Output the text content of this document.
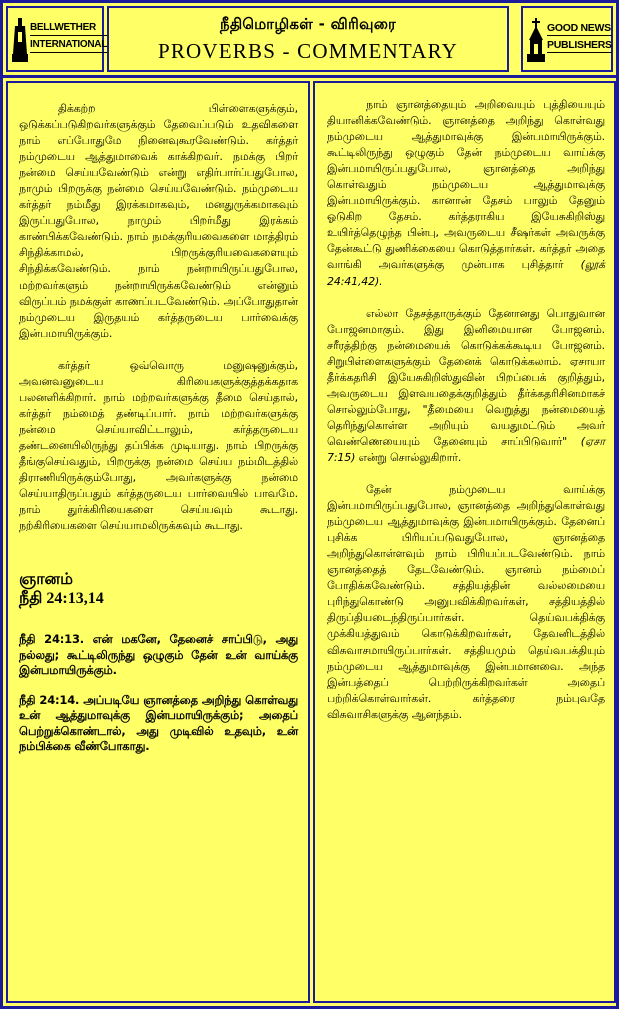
BELLWETHER
INTERNATIONAL
நீதிமொழிகள் - விரிவுரை
PROVERBS - COMMENTARY
GOOD NEWS
PUBLISHERS

திக்கற்ற பிள்ளைகளுக்கும், ஒடுக்கப்படுகிறவர்களுக்கும் தேவைப்படும் உதவிகளை நாம் எப்போதுமே நினைவுகூரவேண்டும். கர்த்தர் நம்முடைய ஆத்துமாவைக் காக்கிறவர். நமக்கு பிறர் நன்மை செய்யவேண்டும் என்று எதிர்பார்ப்பதுபோல, நாமும் பிறருக்கு நன்மை செய்யவேண்டும். நம்முடைய கர்த்தர் நம்மீது இரக்கமாகவும், மனதுருக்கமாகவும் இருப்பதுபோல, நாமும் பிறர்மீது இரக்கம் காண்பிக்கவேண்டும். நாம் நமக்குரியவைகளை மாத்திரம் சிந்திக்காமல், பிறருக்குரியவைகளையும் சிந்திக்கவேண்டும். நாம் நன்றாயிருப்பதுபோல, மற்றவர்களும் நன்றாயிருக்கவேண்டும் என்னும் விருப்பம் நமக்குள் காணப்படவேண்டும். அப்போதுதான் நம்முடைய இருதயம் கர்த்தருடைய பார்வைக்கு இன்பமாயிருக்கும்.

கர்த்தர் ஒவ்வொரு மனுஷனுக்கும், அவனவனுடைய கிரியைகளுக்குத்தக்கதாக பலனளிக்கிறார். நாம் மற்றவர்களுக்கு தீமை செய்தால், கர்த்தர் நம்மைத் தண்டிப்பார். நாம் மற்றவர்களுக்கு நன்மை செய்யாவிட்டாலும், கர்த்தருடைய தண்டனையிலிருந்து தப்பிக்க முடியாது. நாம் பிறருக்கு தீங்குசெய்வதும், பிறருக்கு நன்மை செய்ய நம்மிடத்தில் திராணியிருக்கும்போது, அவர்களுக்கு நன்மை செய்யாதிருப்பதும் கர்த்தருடைய பார்வையில் பாவமே. நாம் துர்க்கிரியைகளை செய்யவும் கூடாது. நற்கிரியைகளை செய்யாமலிருக்கவும் கூடாது.

ஞானம்

நீதி 24:13,14

நீதி 24:13. என் மகனே, தேனைச் சாப்பிடு, அது நல்லது; கூட்டிலிருந்து ஒழுகும் தேன் உன் வாய்க்கு இன்பமாயிருக்கும்.

நீதி 24:14. அப்படியே ஞானத்தை அறிந்து கொள்வது உன் ஆத்துமாவுக்கு இன்பமாயிருக்கும்; அதைப் பெற்றுக்கொண்டால், அது முடிவில் உதவும், உன் நம்பிக்கை வீண்போகாது.

நாம் ஞானத்தையும் அறிவையும் புத்தியையும் தியானிக்கவேண்டும். ஞானத்தை அறிந்து கொள்வது நம்முடைய ஆத்துமாவுக்கு இன்பமாயிருக்கும். கூட்டிலிருந்து ஒழுகும் தேன் நம்முடைய வாய்க்கு இன்பமாயிருப்பதுபோல, ஞானத்தை அறிந்து கொள்வதும் நம்முடைய ஆத்துமாவுக்கு இன்பமாயிருக்கும். கானான் தேசம் பாலும் தேனும் ஓடுகிற தேசம். கர்த்தராகிய இயேசுகிறிஸ்து உயிர்த்தெழுந்த பின்பு, அவருடைய சீஷர்கள் அவருக்கு தேன்கூட்டு துணிக்கையை கொடுத்தார்கள். கர்த்தர் அதை வாங்கி அவர்களுக்கு முன்பாக புசித்தார் (லூக் 24:41,42).

எல்லா தேசத்தாருக்கும் தேனானது பொதுவான போஜனமாகும். இது இனிமையான போஜனம். சரீரத்திற்கு நன்மையைக் கொடுக்கக்கூடிய போஜனம். சிறுபிள்ளைகளுக்கும் தேனைக் கொடுக்கலாம். ஏசாயா தீர்க்கதரிசி இயேசுகிறிஸ்துவின் பிறப்பைக் குறித்தும், அவருடைய இளவயதைக்குறித்தும் தீர்க்கதரிசினமாகச் சொல்லும்போது, "தீமையை வெறுத்து நன்மையைத் தெரிந்துகொள்ள அறியும் வயதுமட்டும் அவர் வெண்ணெயையும் தேனையும் சாப்பிடுவார்" (ஏசா 7:15) என்று சொல்லுகிறார்.

தேன் நம்முடைய வாய்க்கு இன்பமாயிருப்பதுபோல, ஞானத்தை அறிந்துகொள்வது நம்முடைய ஆத்துமாவுக்கு இன்பமாயிருக்கும். தேனைப் புசிக்க பிரியப்படுவதுபோல, ஞானத்தை அறிந்துகொள்ளவும் நாம் பிரியப்படவேண்டும். நாம் ஞானத்தைத் தேடவேண்டும். ஞானம் நம்மைப் போதிக்கவேண்டும். சத்தியத்தின் வல்லமையை புரிந்துகொண்டு அனுபவிக்கிறவர்கள், சத்தியத்தில் திருப்தியடைந்திருப்பார்கள். தெய்வபக்திக்கு முக்கியத்துவம் கொடுக்கிறவர்கள், தேவனிடத்தில் விசுவாசமாயிருப்பார்கள். சத்தியமும் தெய்வபக்தியும் நம்முடைய ஆத்துமாவுக்கு இன்பமானவை. அந்த இன்பத்தைப் பெற்றிருக்கிறவர்கள் அதைப் பற்றிக்கொள்வார்கள். கர்த்தரை நம்புவதே விசுவாசிகளுக்கு ஆனந்தம்.
